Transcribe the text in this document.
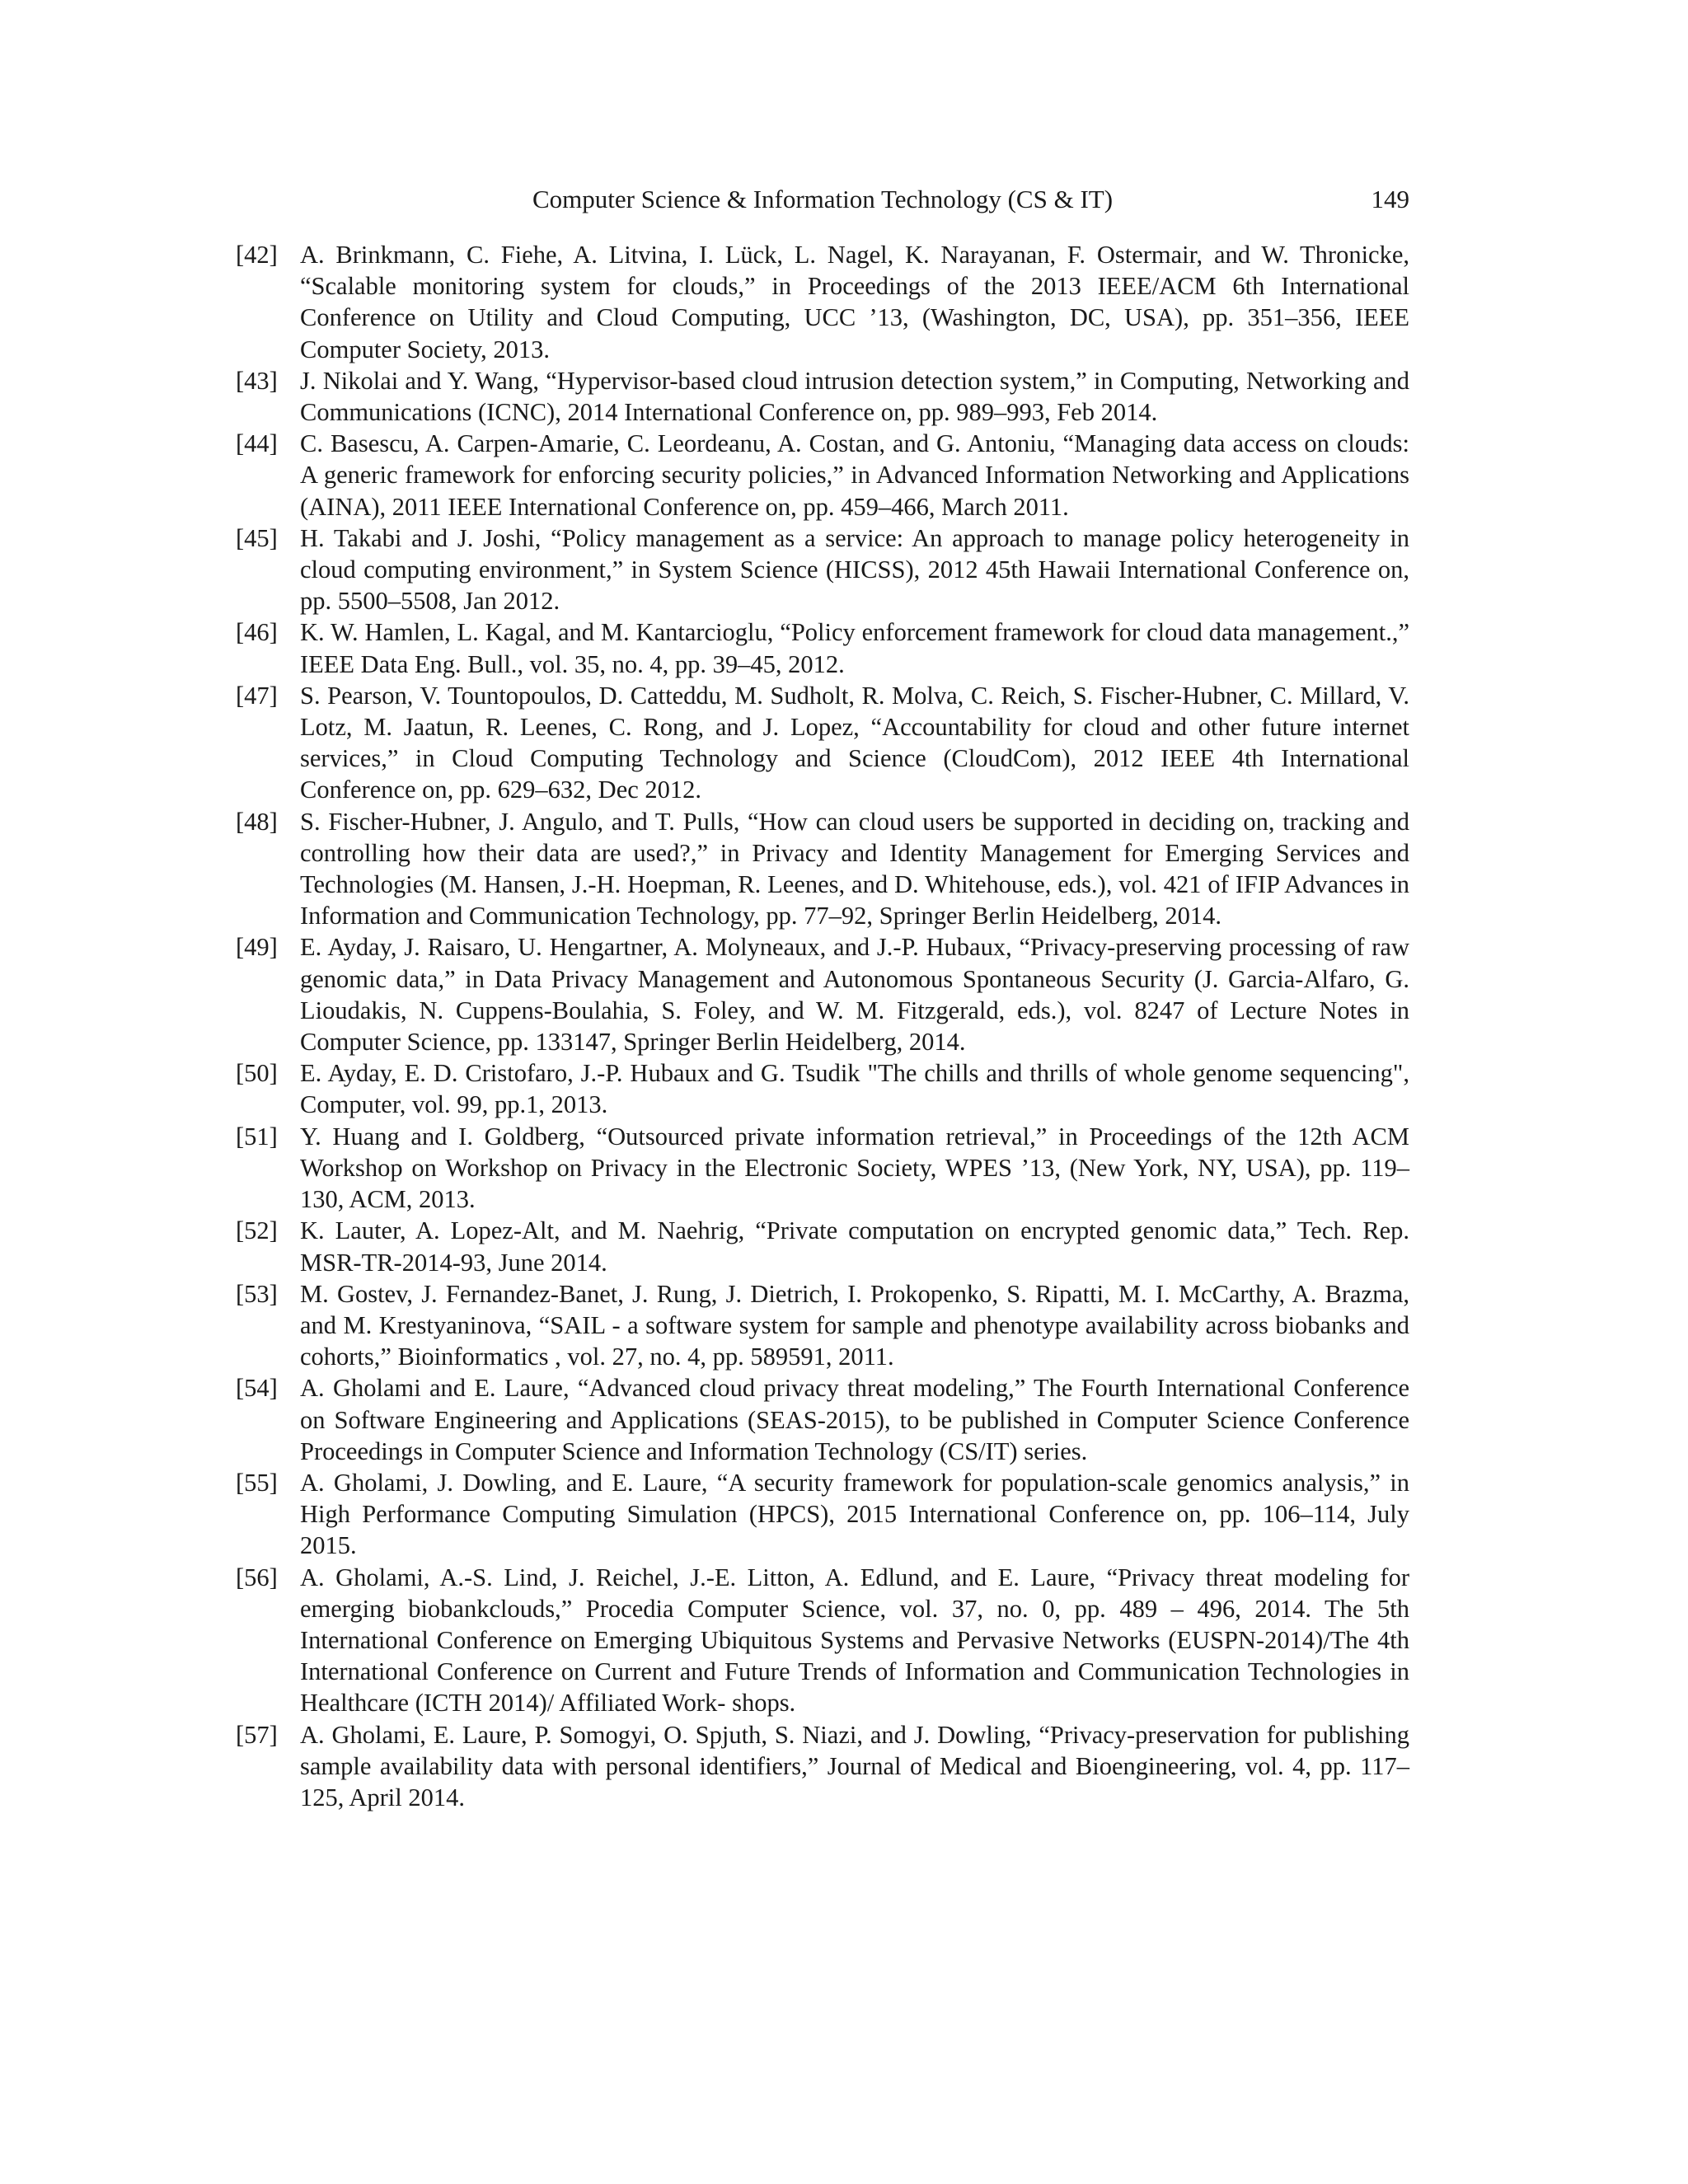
Computer Science & Information Technology (CS & IT)	149
[42] A. Brinkmann, C. Fiehe, A. Litvina, I. Lück, L. Nagel, K. Narayanan, F. Ostermair, and W. Thronicke, “Scalable monitoring system for clouds,” in Proceedings of the 2013 IEEE/ACM 6th International Conference on Utility and Cloud Computing, UCC ’13, (Washington, DC, USA), pp. 351–356, IEEE Computer Society, 2013.
[43] J. Nikolai and Y. Wang, “Hypervisor-based cloud intrusion detection system,” in Computing, Networking and Communications (ICNC), 2014 International Conference on, pp. 989–993, Feb 2014.
[44] C. Basescu, A. Carpen-Amarie, C. Leordeanu, A. Costan, and G. Antoniu, “Managing data access on clouds: A generic framework for enforcing security policies,” in Advanced Information Networking and Applications (AINA), 2011 IEEE International Conference on, pp. 459–466, March 2011.
[45] H. Takabi and J. Joshi, “Policy management as a service: An approach to manage policy heterogeneity in cloud computing environment,” in System Science (HICSS), 2012 45th Hawaii International Conference on, pp. 5500–5508, Jan 2012.
[46] K. W. Hamlen, L. Kagal, and M. Kantarcioglu, “Policy enforcement framework for cloud data management.,” IEEE Data Eng. Bull., vol. 35, no. 4, pp. 39–45, 2012.
[47] S. Pearson, V. Tountopoulos, D. Catteddu, M. Sudholt, R. Molva, C. Reich, S. Fischer-Hubner, C. Millard, V. Lotz, M. Jaatun, R. Leenes, C. Rong, and J. Lopez, “Accountability for cloud and other future internet services,” in Cloud Computing Technology and Science (CloudCom), 2012 IEEE 4th International Conference on, pp. 629–632, Dec 2012.
[48] S. Fischer-Hubner, J. Angulo, and T. Pulls, “How can cloud users be supported in deciding on, tracking and controlling how their data are used?,” in Privacy and Identity Management for Emerging Services and Technologies (M. Hansen, J.-H. Hoepman, R. Leenes, and D. Whitehouse, eds.), vol. 421 of IFIP Advances in Information and Communication Technology, pp. 77–92, Springer Berlin Heidelberg, 2014.
[49] E. Ayday, J. Raisaro, U. Hengartner, A. Molyneaux, and J.-P. Hubaux, “Privacy-preserving processing of raw genomic data,” in Data Privacy Management and Autonomous Spontaneous Security (J. Garcia-Alfaro, G. Lioudakis, N. Cuppens-Boulahia, S. Foley, and W. M. Fitzgerald, eds.), vol. 8247 of Lecture Notes in Computer Science, pp. 133147, Springer Berlin Heidelberg, 2014.
[50] E. Ayday, E. D. Cristofaro, J.-P. Hubaux and G. Tsudik "The chills and thrills of whole genome sequencing", Computer, vol. 99, pp.1, 2013.
[51] Y. Huang and I. Goldberg, “Outsourced private information retrieval,” in Proceedings of the 12th ACM Workshop on Workshop on Privacy in the Electronic Society, WPES ’13, (New York, NY, USA), pp. 119–130, ACM, 2013.
[52] K. Lauter, A. Lopez-Alt, and M. Naehrig, “Private computation on encrypted genomic data,” Tech. Rep. MSR-TR-2014-93, June 2014.
[53] M. Gostev, J. Fernandez-Banet, J. Rung, J. Dietrich, I. Prokopenko, S. Ripatti, M. I. McCarthy, A. Brazma, and M. Krestyaninova, “SAIL - a software system for sample and phenotype availability across biobanks and cohorts,” Bioinformatics , vol. 27, no. 4, pp. 589591, 2011.
[54] A. Gholami and E. Laure, “Advanced cloud privacy threat modeling,” The Fourth International Conference on Software Engineering and Applications (SEAS-2015), to be published in Computer Science Conference Proceedings in Computer Science and Information Technology (CS/IT) series.
[55] A. Gholami, J. Dowling, and E. Laure, “A security framework for population-scale genomics analysis,” in High Performance Computing Simulation (HPCS), 2015 International Conference on, pp. 106–114, July 2015.
[56] A. Gholami, A.-S. Lind, J. Reichel, J.-E. Litton, A. Edlund, and E. Laure, “Privacy threat modeling for emerging biobankclouds,” Procedia Computer Science, vol. 37, no. 0, pp. 489 – 496, 2014. The 5th International Conference on Emerging Ubiquitous Systems and Pervasive Networks (EUSPN-2014)/The 4th International Conference on Current and Future Trends of Information and Communication Technologies in Healthcare (ICTH 2014)/ Affiliated Work- shops.
[57] A. Gholami, E. Laure, P. Somogyi, O. Spjuth, S. Niazi, and J. Dowling, “Privacy-preservation for publishing sample availability data with personal identifiers,” Journal of Medical and Bioengineering, vol. 4, pp. 117–125, April 2014.
